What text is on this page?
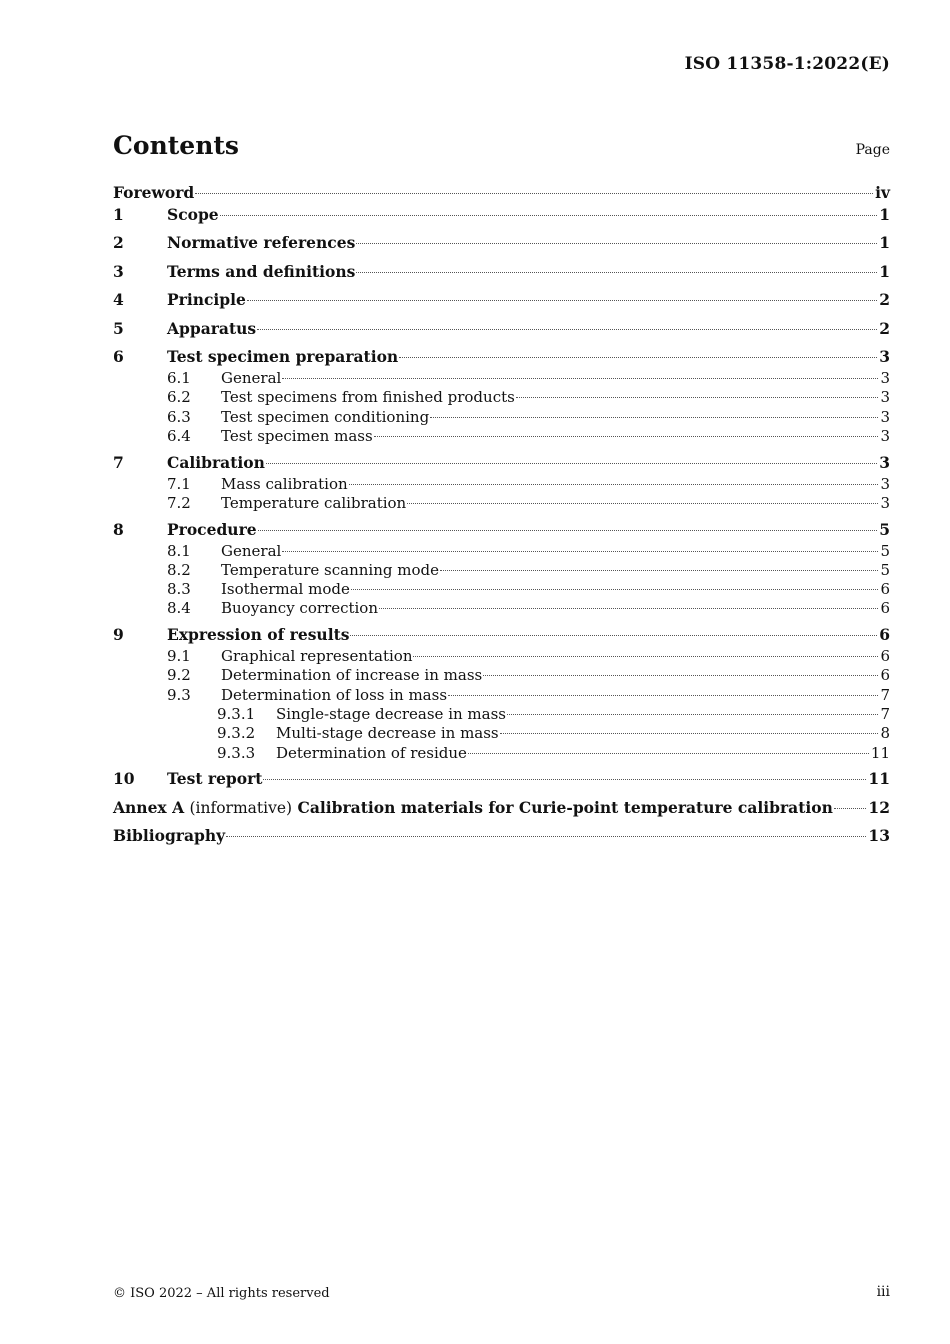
ISO 11358-1:2022(E)
Contents	Page
Foreword	iv
1	Scope	1
2	Normative references	1
3	Terms and definitions	1
4	Principle	2
5	Apparatus	2
6	Test specimen preparation	3
6.1	General	3
6.2	Test specimens from finished products	3
6.3	Test specimen conditioning	3
6.4	Test specimen mass	3
7	Calibration	3
7.1	Mass calibration	3
7.2	Temperature calibration	3
8	Procedure	5
8.1	General	5
8.2	Temperature scanning mode	5
8.3	Isothermal mode	6
8.4	Buoyancy correction	6
9	Expression of results	6
9.1	Graphical representation	6
9.2	Determination of increase in mass	6
9.3	Determination of loss in mass	7
9.3.1	Single-stage decrease in mass	7
9.3.2	Multi-stage decrease in mass	8
9.3.3	Determination of residue	11
10	Test report	11
Annex A (informative) Calibration materials for Curie-point temperature calibration 12
Bibliography	13
© ISO 2022 – All rights reserved	iii
